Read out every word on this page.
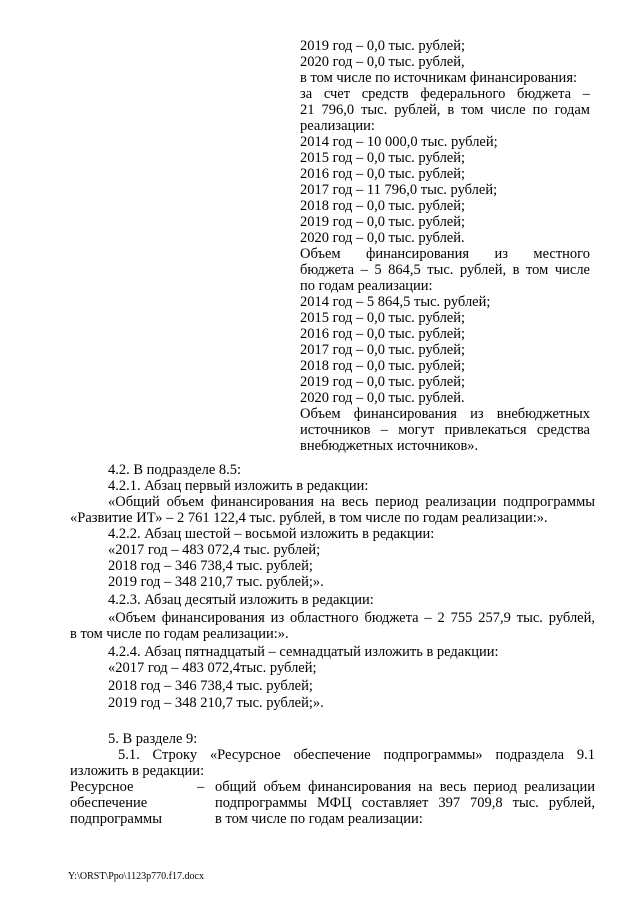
2019 год – 0,0 тыс. рублей;
2020 год – 0,0 тыс. рублей,
в том числе по источникам финансирования:
за счет средств федерального бюджета –
21 796,0 тыс. рублей, в том числе по годам
реализации:
2014 год – 10 000,0 тыс. рублей;
2015 год – 0,0 тыс. рублей;
2016 год – 0,0 тыс. рублей;
2017 год – 11 796,0 тыс. рублей;
2018 год – 0,0 тыс. рублей;
2019 год – 0,0 тыс. рублей;
2020 год – 0,0 тыс. рублей.
Объем финансирования из местного
бюджета – 5 864,5 тыс. рублей, в том числе
по годам реализации:
2014 год – 5 864,5 тыс. рублей;
2015 год – 0,0 тыс. рублей;
2016 год – 0,0 тыс. рублей;
2017 год – 0,0 тыс. рублей;
2018 год – 0,0 тыс. рублей;
2019 год – 0,0 тыс. рублей;
2020 год – 0,0 тыс. рублей.
Объем финансирования из внебюджетных
источников – могут привлекаться средства
внебюджетных источников».
4.2. В подразделе 8.5:
4.2.1. Абзац первый изложить в редакции:
«Общий объем финансирования на весь период реализации подпрограммы
«Развитие ИТ» – 2 761 122,4 тыс. рублей, в том числе по годам реализации:».
4.2.2. Абзац шестой – восьмой изложить в редакции:
«2017 год – 483 072,4 тыс. рублей;
2018 год – 346 738,4 тыс. рублей;
2019 год – 348 210,7 тыс. рублей;».
4.2.3. Абзац десятый изложить в редакции:
«Объем финансирования из областного бюджета – 2 755 257,9 тыс. рублей,
в том числе по годам реализации:».
4.2.4. Абзац пятнадцатый – семнадцатый изложить в редакции:
«2017 год – 483 072,4тыс. рублей;
2018 год – 346 738,4 тыс. рублей;
2019 год – 348 210,7 тыс. рублей;».
5. В разделе 9:
5.1. Строку «Ресурсное обеспечение подпрограммы» подраздела 9.1
изложить в редакции:
Ресурсное
обеспечение
подпрограммы
– общий объем финансирования на весь период реализации
подпрограммы МФЦ составляет 397 709,8 тыс. рублей,
в том числе по годам реализации:
Y:\ORST\Ppo\1123p770.f17.docx
